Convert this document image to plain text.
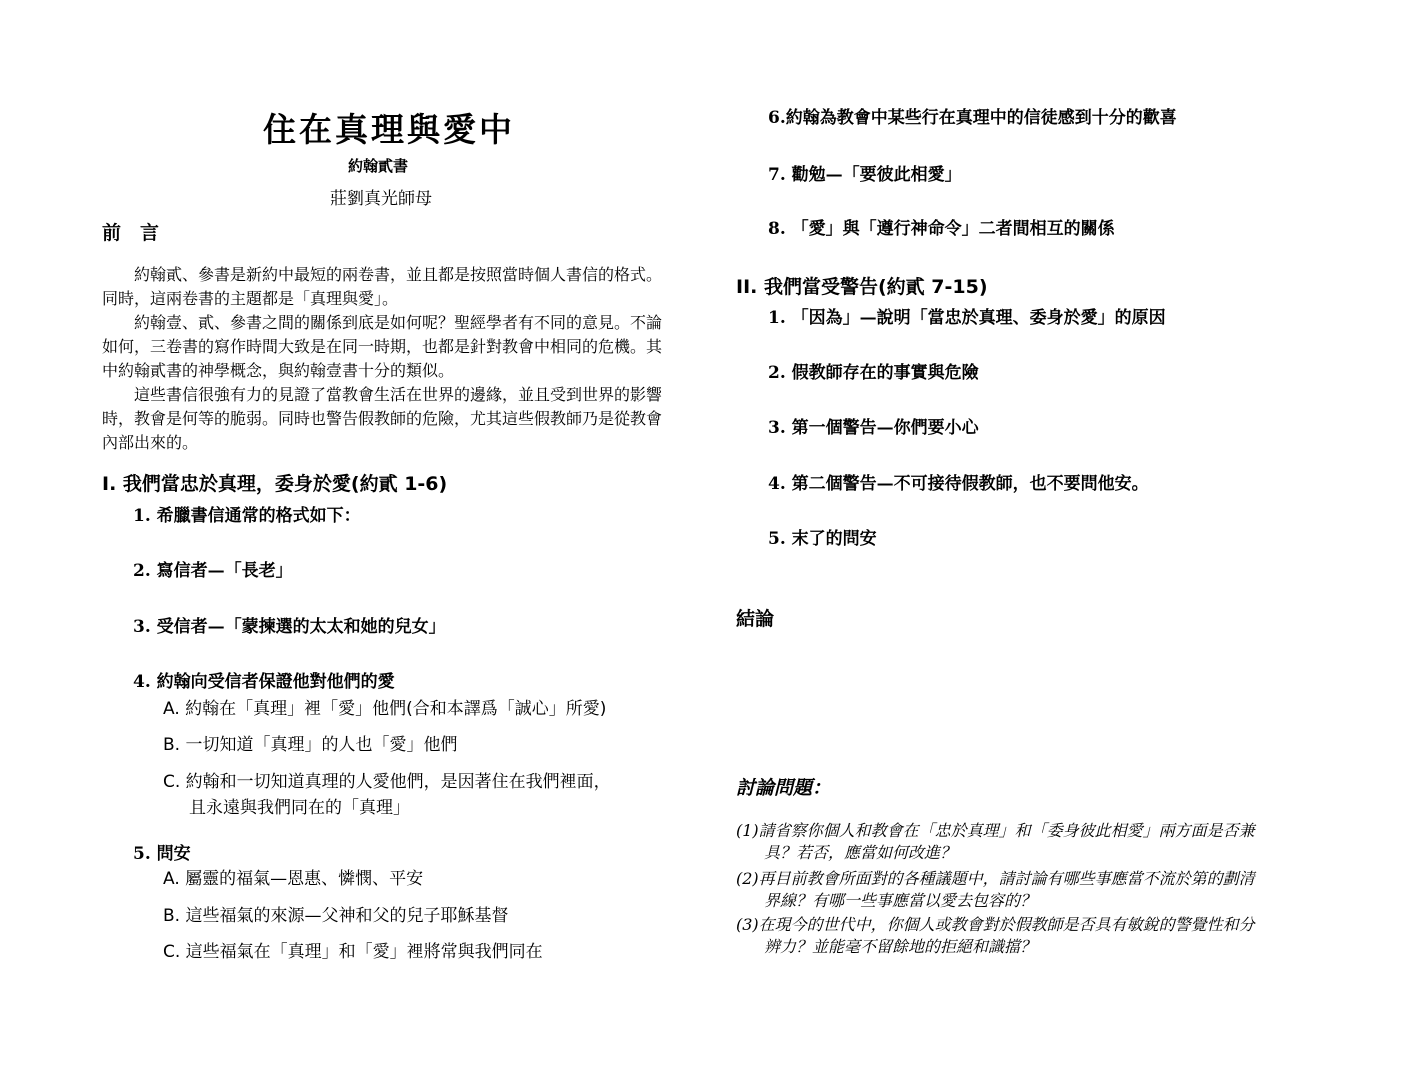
住在真理與愛中
約翰貳書
莊劉真光師母
前　言

約翰貳、參書是新約中最短的兩卷書，並且都是按照當時個人書信的格式。同時，這兩卷書的主題都是「真理與愛」。

約翰壹、貳、參書之間的關係到底是如何呢？聖經學者有不同的意見。不論如何，三卷書的寫作時間大致是在同一時期，也都是針對教會中相同的危機。其中約翰貳書的神學概念，與約翰壹書十分的類似。

這些書信很強有力的見證了當教會生活在世界的邊緣，並且受到世界的影響時，教會是何等的脆弱。同時也警告假教師的危險，尤其這些假教師乃是從教會內部出來的。

I. 我們當忠於真理，委身於愛(約貳 1-6)
1. 希臘書信通常的格式如下：
2. 寫信者—「長老」
3. 受信者—「蒙揀選的太太和她的兒女」
4. 約翰向受信者保證他對他們的愛
A. 約翰在「真理」裡「愛」他們(合和本譯爲「誠心」所愛)
B. 一切知道「真理」的人也「愛」他們
C. 約翰和一切知道真理的人愛他們，是因著住在我們裡面，
且永遠與我們同在的「真理」
5. 問安
A. 屬靈的福氣—恩惠、憐憫、平安
B. 這些福氣的來源—父神和父的兒子耶穌基督
C. 這些福氣在「真理」和「愛」裡將常與我們同在
6.約翰為教會中某些行在真理中的信徒感到十分的歡喜
7. 勸勉—「要彼此相愛」
8. 「愛」與「遵行神命令」二者間相互的關係
II. 我們當受警告(約貳 7-15)
1. 「因為」—說明「當忠於真理、委身於愛」的原因
2. 假教師存在的事實與危險
3. 第一個警告—你們要小心
4. 第二個警告—不可接待假教師，也不要問他安。
5. 末了的問安
結論
討論問題：
(1)請省察你個人和教會在「忠於真理」和「委身彼此相愛」兩方面是否兼
具？若否，應當如何改進？
(2)再目前教會所面對的各種議題中，請討論有哪些事應當不流於第的劃清
界線？有哪一些事應當以愛去包容的？
(3)在現今的世代中，你個人或教會對於假教師是否具有敏銳的警覺性和分
辨力？並能毫不留餘地的拒絕和識擋？
